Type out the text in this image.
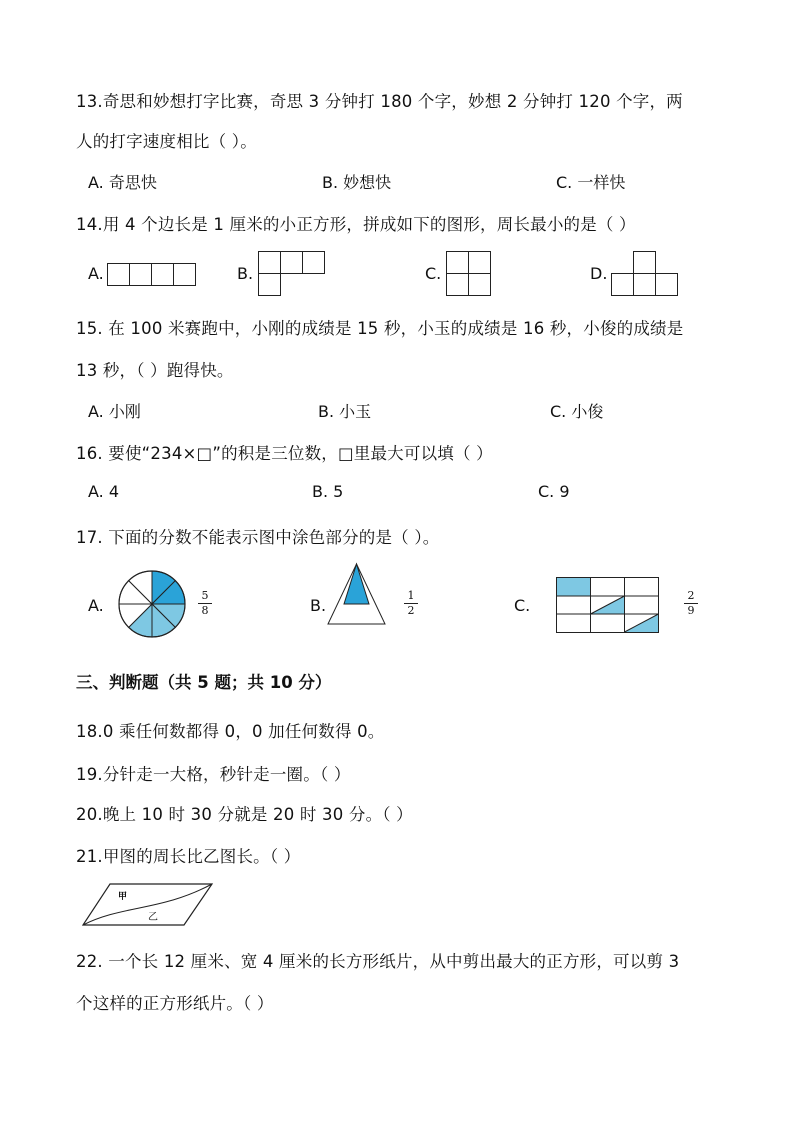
13.奇思和妙想打字比赛，奇思 3 分钟打 180 个字，妙想 2 分钟打 120 个字，两
人的打字速度相比（ ）。
A. 奇思快	B. 妙想快	C. 一样快
14.用 4 个边长是 1 厘米的小正方形，拼成如下的图形，周长最小的是（ ）
A.	B.	C.	D.
15. 在 100 米赛跑中，小刚的成绩是 15 秒，小玉的成绩是 16 秒，小俊的成绩是
13 秒，（ ）跑得快。
A. 小刚	B. 小玉	C. 小俊
16. 要使“234×□”的积是三位数，□里最大可以填（ ）
A. 4	B. 5	C. 9
17. 下面的分数不能表示图中涂色部分的是（ ）。
A.
5
8	B.
1
2	C.
2
9
三、判断题（共 5 题；共 10 分）
18.0 乘任何数都得 0，0 加任何数得 0。
19.分针走一大格，秒针走一圈。（ ）
20.晚上 10 时 30 分就是 20 时 30 分。（ ）
21.甲图的周长比乙图长。（ ）
甲
乙
22. 一个长 12 厘米、宽 4 厘米的长方形纸片，从中剪出最大的正方形，可以剪 3
个这样的正方形纸片。（ ）
